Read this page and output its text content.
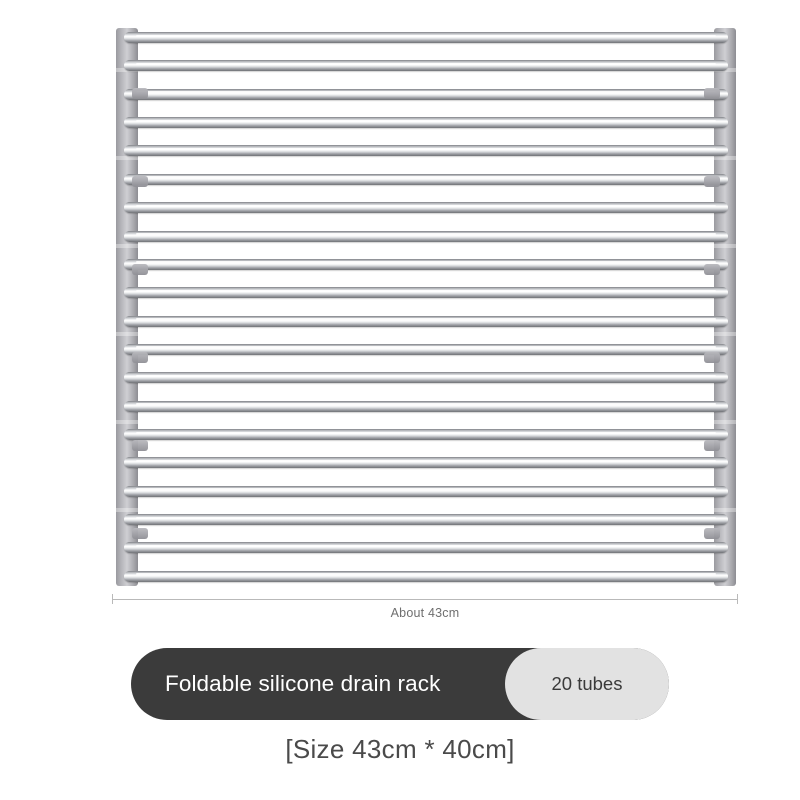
About 43cm
Foldable silicone drain rack	20 tubes
[Size 43cm * 40cm]
